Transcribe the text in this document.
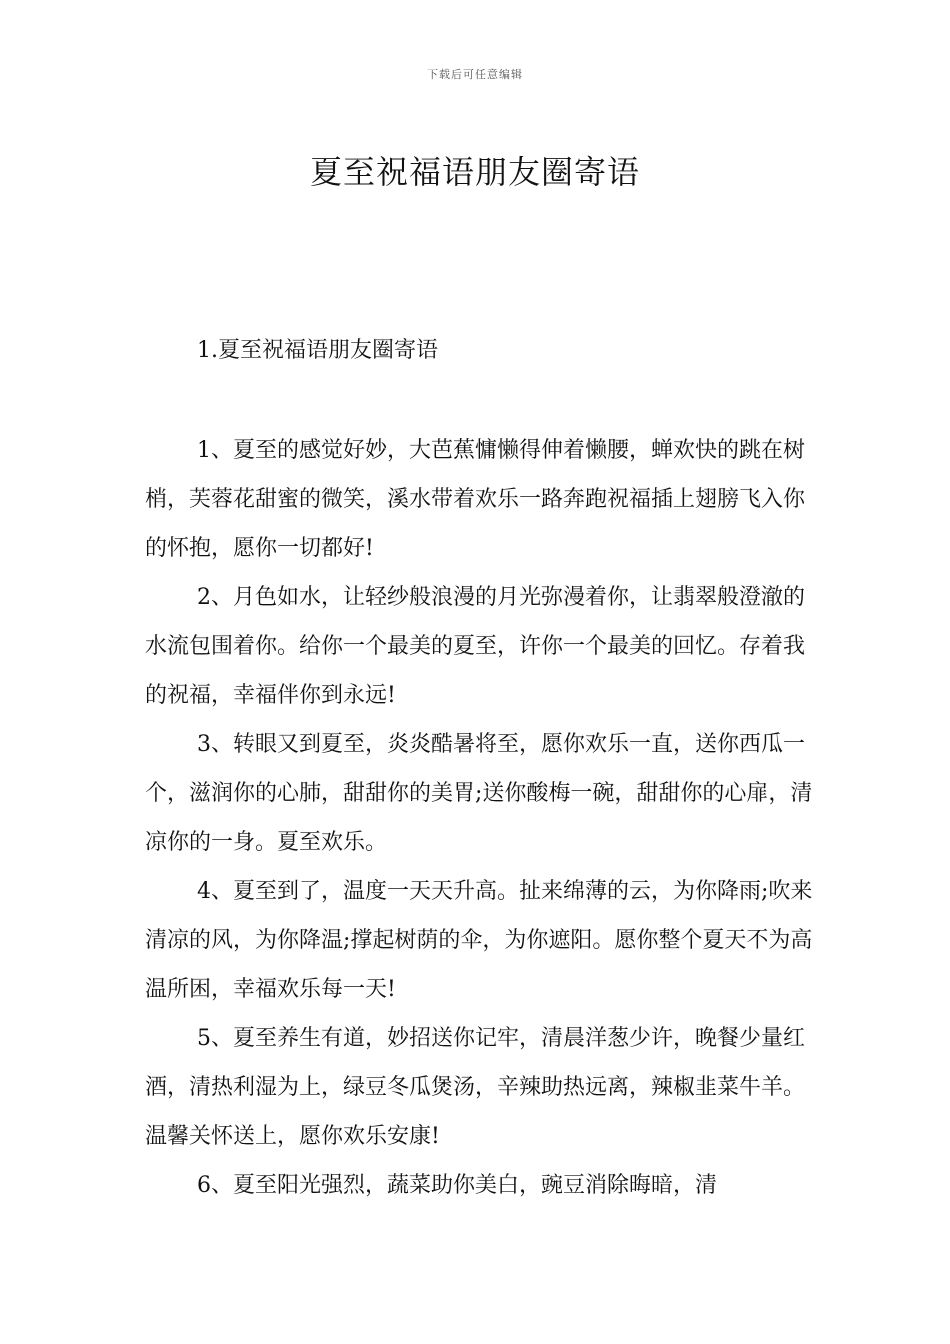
下载后可任意编辑
夏至祝福语朋友圈寄语
1.夏至祝福语朋友圈寄语

1、夏至的感觉好妙，大芭蕉慵懒得伸着懒腰，蝉欢快的跳在树梢，芙蓉花甜蜜的微笑，溪水带着欢乐一路奔跑祝福插上翅膀飞入你的怀抱，愿你一切都好!

2、月色如水，让轻纱般浪漫的月光弥漫着你，让翡翠般澄澈的水流包围着你。给你一个最美的夏至，许你一个最美的回忆。存着我的祝福，幸福伴你到永远!

3、转眼又到夏至，炎炎酷暑将至，愿你欢乐一直，送你西瓜一个，滋润你的心肺，甜甜你的美胃;送你酸梅一碗，甜甜你的心扉，清凉你的一身。夏至欢乐。

4、夏至到了，温度一天天升高。扯来绵薄的云，为你降雨;吹来清凉的风，为你降温;撑起树荫的伞，为你遮阳。愿你整个夏天不为高温所困，幸福欢乐每一天!

5、夏至养生有道，妙招送你记牢，清晨洋葱少许，晚餐少量红酒，清热利湿为上，绿豆冬瓜煲汤，辛辣助热远离，辣椒韭菜牛羊。温馨关怀送上，愿你欢乐安康!

6、夏至阳光强烈，蔬菜助你美白，豌豆消除晦暗，清
